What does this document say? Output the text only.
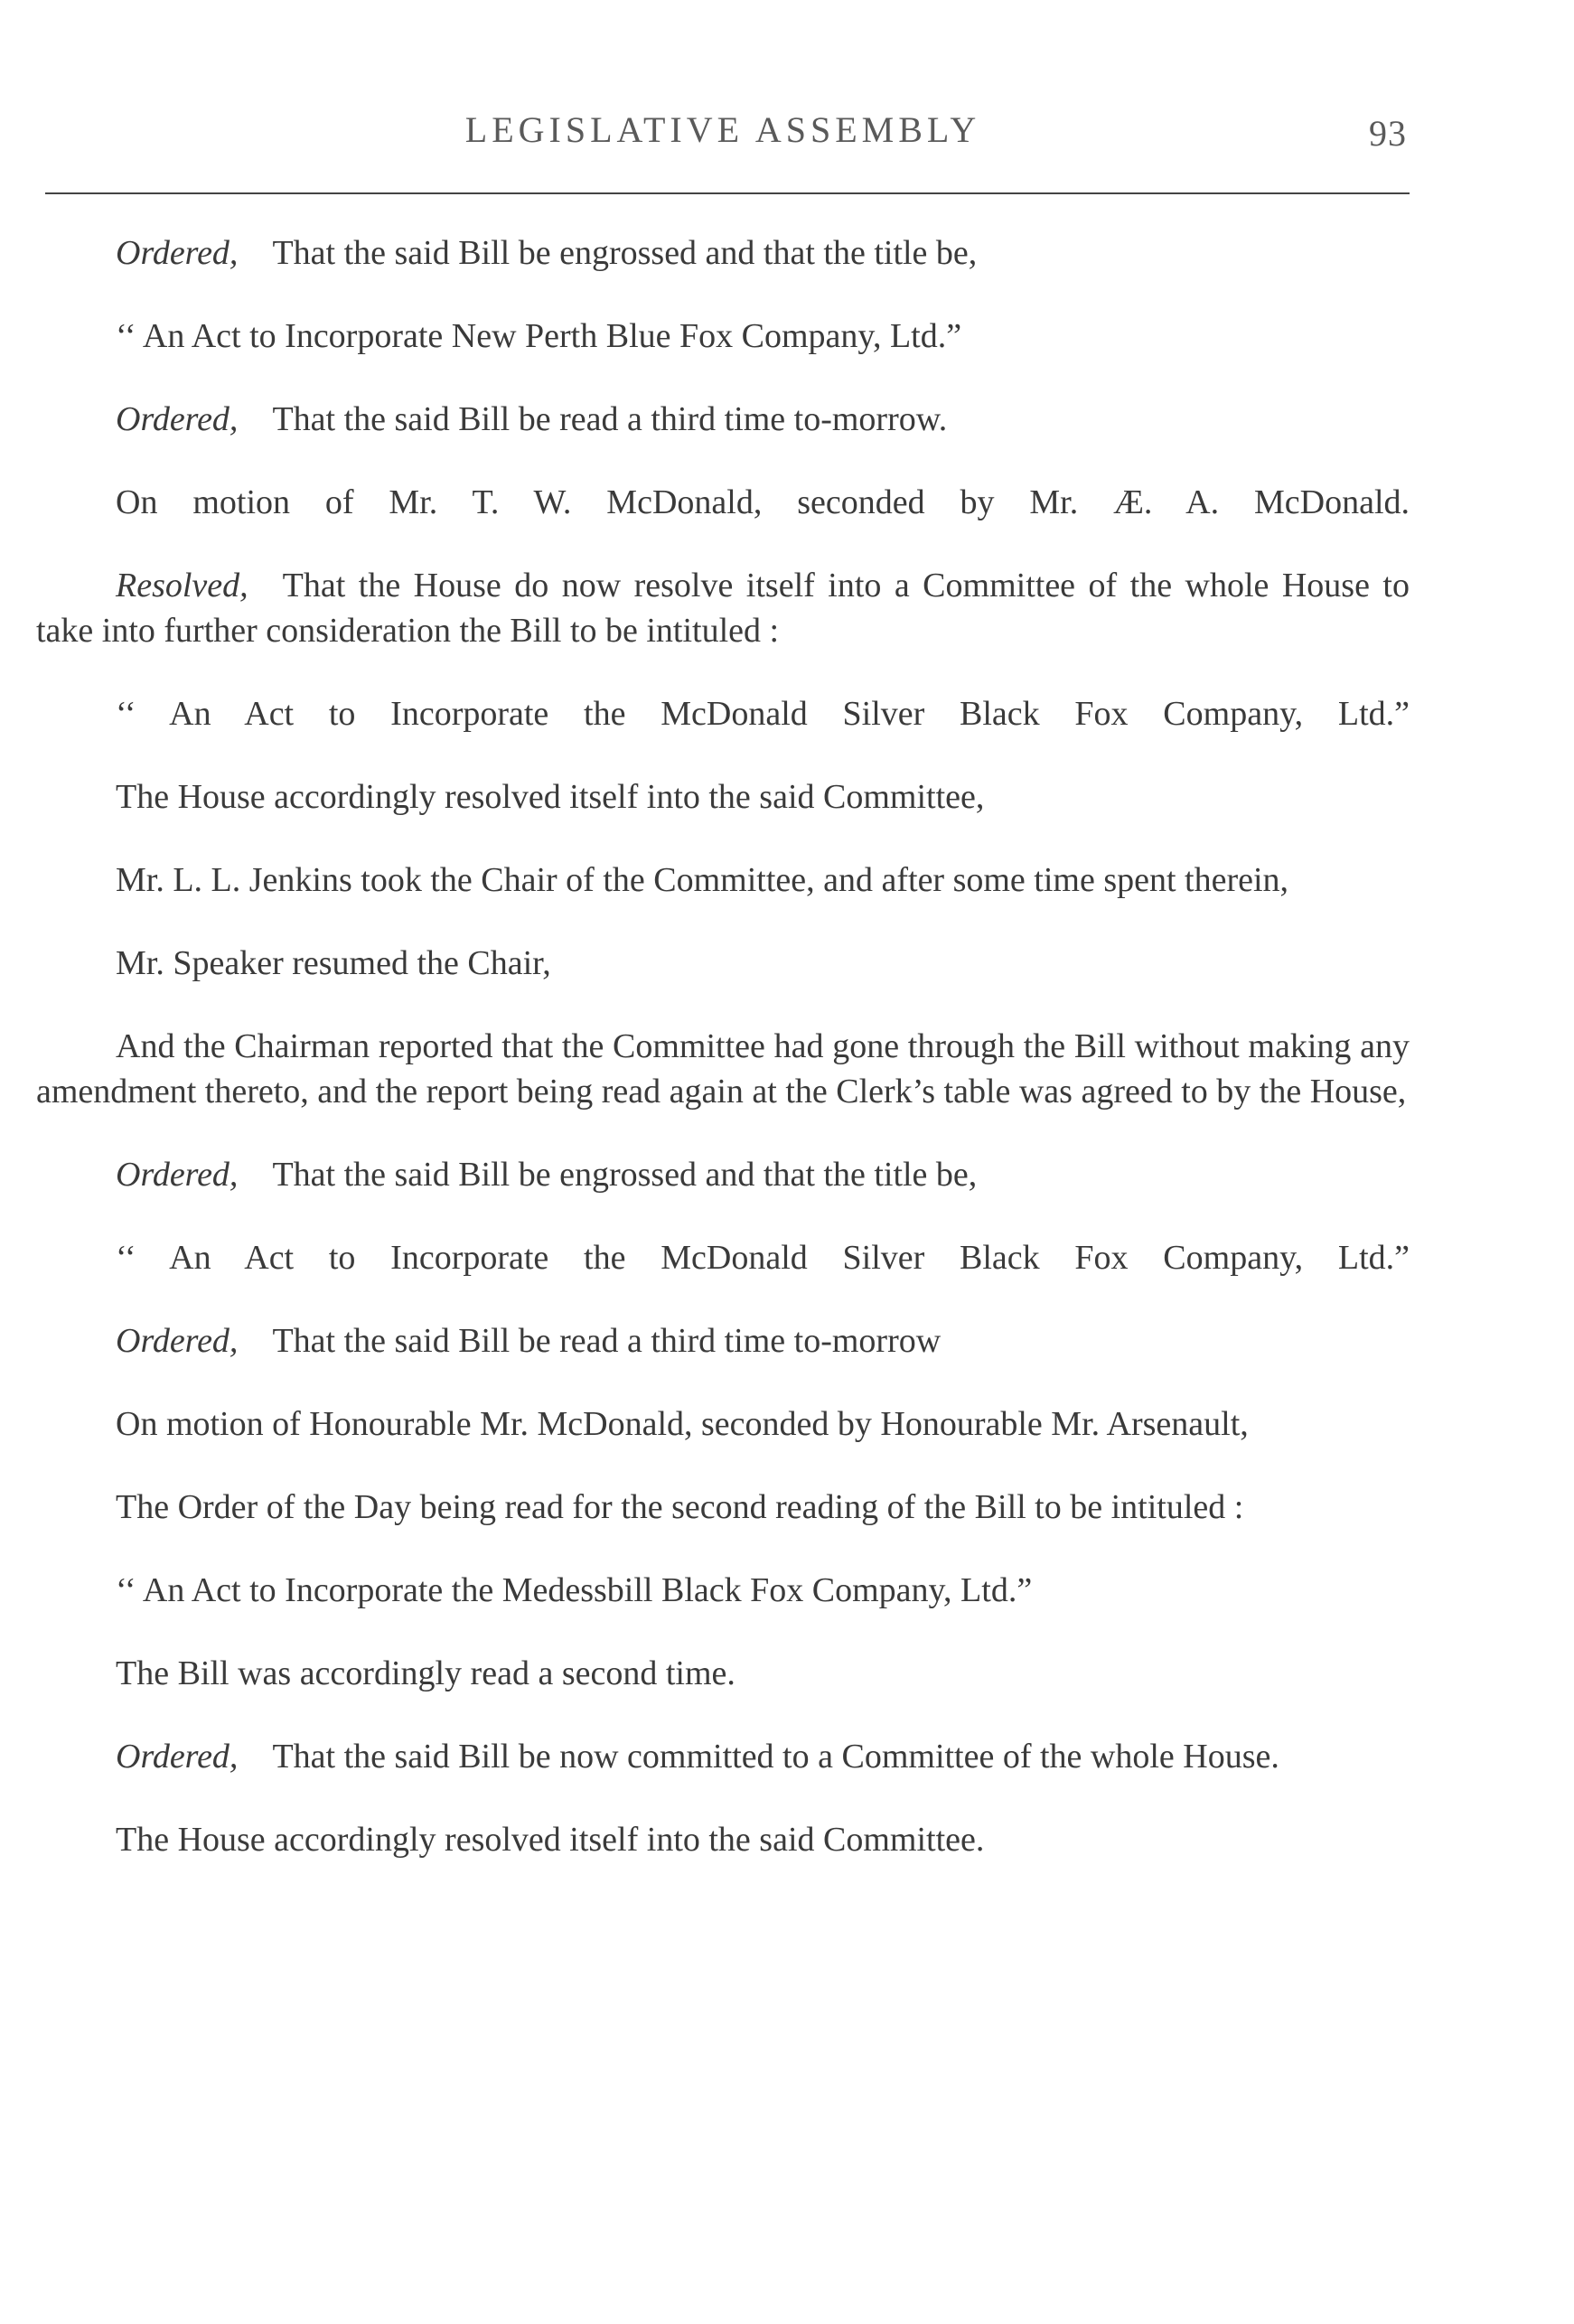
LEGISLATIVE ASSEMBLY	93

Ordered, That the said Bill be engrossed and that the title be,

‘‘ An Act to Incorporate New Perth Blue Fox Company, Ltd.”

Ordered, That the said Bill be read a third time to-morrow.

On motion of Mr. T. W. McDonald, seconded by Mr. Æ. A. McDonald.

Resolved, That the House do now resolve itself into a Committee of the whole House to take into further consideration the Bill to be intituled :

‘‘ An Act to Incorporate the McDonald Silver Black Fox Company, Ltd.”

The House accordingly resolved itself into the said Committee,

Mr. L. L. Jenkins took the Chair of the Committee, and after some time spent therein,

Mr. Speaker resumed the Chair,

And the Chairman reported that the Committee had gone through the Bill without making any amendment thereto, and the report being read again at the Clerk’s table was agreed to by the House,

Ordered, That the said Bill be engrossed and that the title be,

‘‘ An Act to Incorporate the McDonald Silver Black Fox Company, Ltd.”

Ordered, That the said Bill be read a third time to-morrow

On motion of Honourable Mr. McDonald, seconded by Honourable Mr. Arsenault,

The Order of the Day being read for the second reading of the Bill to be intituled :

‘‘ An Act to Incorporate the Medessbill Black Fox Company, Ltd.”

The Bill was accordingly read a second time.

Ordered, That the said Bill be now committed to a Committee of the whole House.

The House accordingly resolved itself into the said Committee.
